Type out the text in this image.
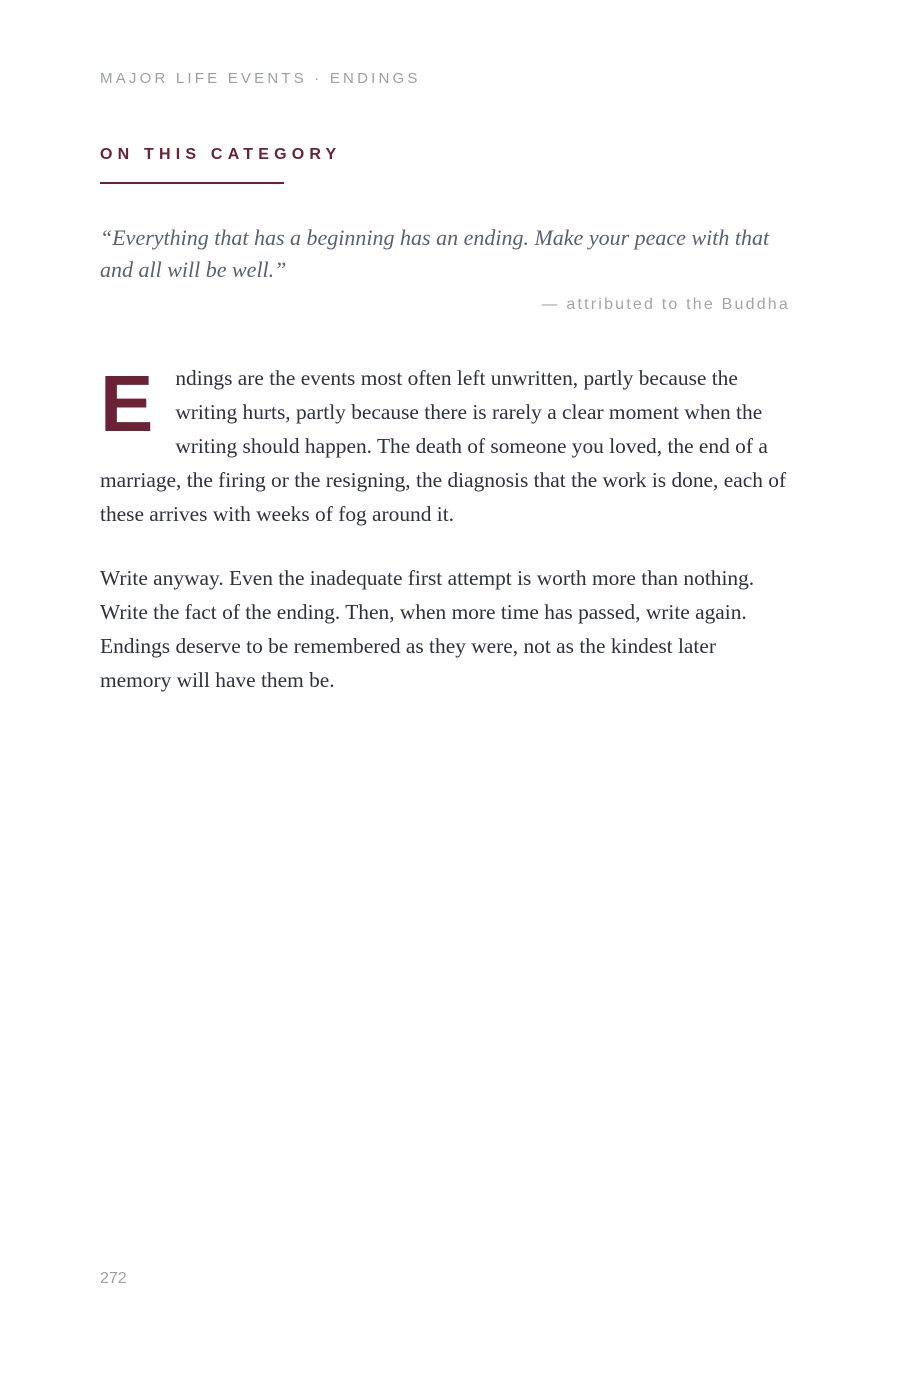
MAJOR LIFE EVENTS · ENDINGS
ON THIS CATEGORY

“Everything that has a beginning has an ending. Make your peace with that and all will be well.”

— attributed to the Buddha

E ndings are the events most often left unwritten, partly because the writing hurts, partly because there is rarely a clear moment when the writing should happen. The death of someone you loved, the end of a marriage, the firing or the resigning, the diagnosis that the work is done, each of these arrives with weeks of fog around it.

Write anyway. Even the inadequate first attempt is worth more than nothing. Write the fact of the ending. Then, when more time has passed, write again. Endings deserve to be remembered as they were, not as the kindest later memory will have them be.

272
